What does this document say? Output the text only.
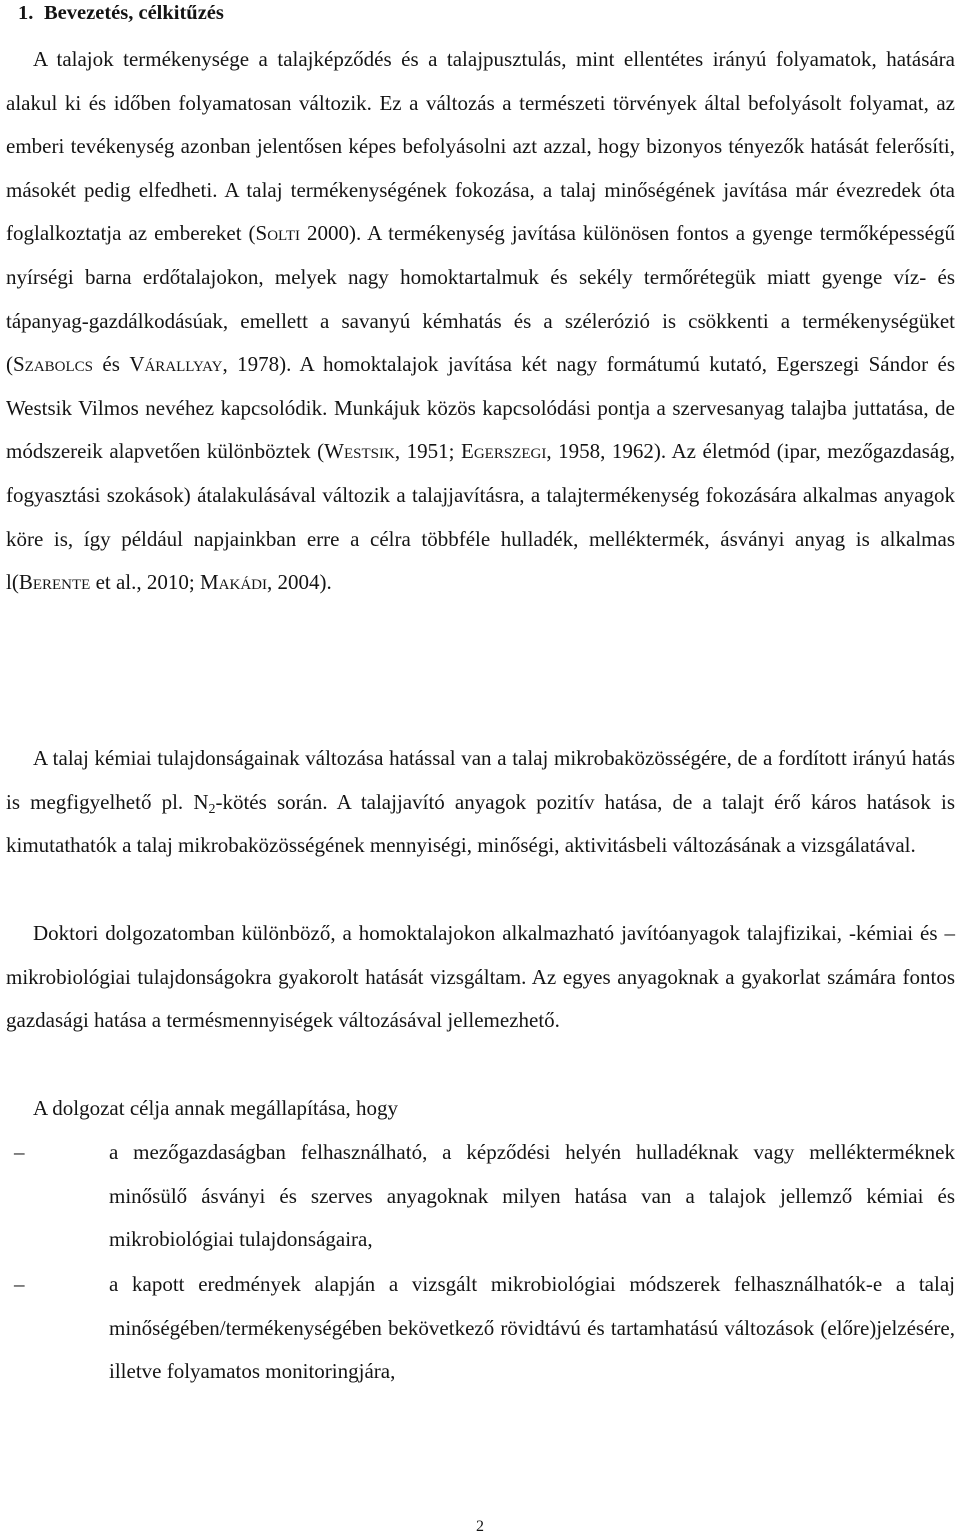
1. Bevezetés, célkitűzés

A talajok termékenysége a talajképződés és a talajpusztulás, mint ellentétes irányú folyamatok, hatására alakul ki és időben folyamatosan változik. Ez a változás a természeti törvények által befolyásolt folyamat, az emberi tevékenység azonban jelentősen képes befolyásolni azt azzal, hogy bizonyos tényezők hatását felerősíti, másokét pedig elfedheti. A talaj termékenységének fokozása, a talaj minőségének javítása már évezredek óta foglalkoztatja az embereket (Solti 2000). A termékenység javítása különösen fontos a gyenge termőképességű nyírségi barna erdőtalajokon, melyek nagy homoktartalmuk és sekély termőrétegük miatt gyenge víz- és tápanyag-gazdálkodásúak, emellett a savanyú kémhatás és a szélerózió is csökkenti a termékenységüket (Szabolcs és Várallyay, 1978). A homoktalajok javítása két nagy formátumú kutató, Egerszegi Sándor és Westsik Vilmos nevéhez kapcsolódik. Munkájuk közös kapcsolódási pontja a szervesanyag talajba juttatása, de módszereik alapvetően különböztek (Westsik, 1951; Egerszegi, 1958, 1962). Az életmód (ipar, mezőgazdaság, fogyasztási szokások) átalakulásával változik a talajjavításra, a talajtermékenység fokozására alkalmas anyagok köre is, így például napjainkban erre a célra többféle hulladék, melléktermék, ásványi anyag is alkalmas l(Berente et al., 2010; Makádi, 2004).

A talaj kémiai tulajdonságainak változása hatással van a talaj mikrobaközösségére, de a fordított irányú hatás is megfigyelhető pl. $N_2$-kötés során. A talajjavító anyagok pozitív hatása, de a talajt érő káros hatások is kimutathatók a talaj mikrobaközösségének mennyiségi, minőségi, aktivitásbeli változásának a vizsgálatával.

Doktori dolgozatomban különböző, a homoktalajokon alkalmazható javítóanyagok talajfizikai, -kémiai és –mikrobiológiai tulajdonságokra gyakorolt hatását vizsgáltam. Az egyes anyagoknak a gyakorlat számára fontos gazdasági hatása a termésmennyiségek változásával jellemezhető.

A dolgozat célja annak megállapítása, hogy

–	a mezőgazdaságban felhasználható, a képződési helyén hulladéknak vagy mellékterméknek minősülő ásványi és szerves anyagoknak milyen hatása van a talajok jellemző kémiai és mikrobiológiai tulajdonságaira,

–	a kapott eredmények alapján a vizsgált mikrobiológiai módszerek felhasználhatók-e a talaj minőségében/termékenységében bekövetkező rövidtávú és tartamhatású változások (előre)jelzésére, illetve folyamatos monitoringjára,

2
